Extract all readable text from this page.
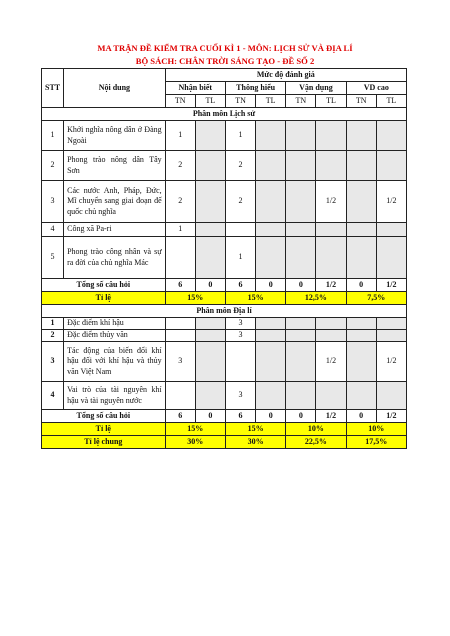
MA TRẬN ĐỀ KIỂM TRA CUỐI KÌ 1 - MÔN: LỊCH SỬ VÀ ĐỊA LÍ
BỘ SÁCH: CHÂN TRỜI SÁNG TẠO - ĐỀ SỐ 2
STT	Nội dung	Mức độ đánh giá							
		Nhận biết		Thông hiểu		Vận dụng		VD cao	
		TN	TL	TN	TL	TN	TL	TN	TL
Phân môn Lịch sử									
1	Khởi nghĩa nông dân ở Đàng Ngoài	1		1					
2	Phong trào nông dân Tây Sơn	2		2					
3	Các nước Anh, Pháp, Đức, Mĩ chuyển sang giai đoạn đế quốc chủ nghĩa	2		2			1/2		1/2
4	Công xã Pa-ri	1							
5	Phong trào công nhân và sự ra đời của chủ nghĩa Mác			1					
Tổng số câu hỏi		6	0	6	0	0	1/2	0	1/2
Tỉ lệ		15%		15%		12,5%		7,5%	
Phân môn Địa lí									
1	Đặc điểm khí hậu			3					
2	Đặc điểm thủy văn			3					
3	Tác động của biến đổi khí hậu đối với khí hậu và thủy văn Việt Nam	3					1/2		1/2
4	Vai trò của tài nguyên khí hậu và tài nguyên nước			3					
Tổng số câu hỏi		6	0	6	0	0	1/2	0	1/2
Tỉ lệ		15%		15%		10%		10%	
Tỉ lệ chung		30%		30%		22,5%		17,5%	
